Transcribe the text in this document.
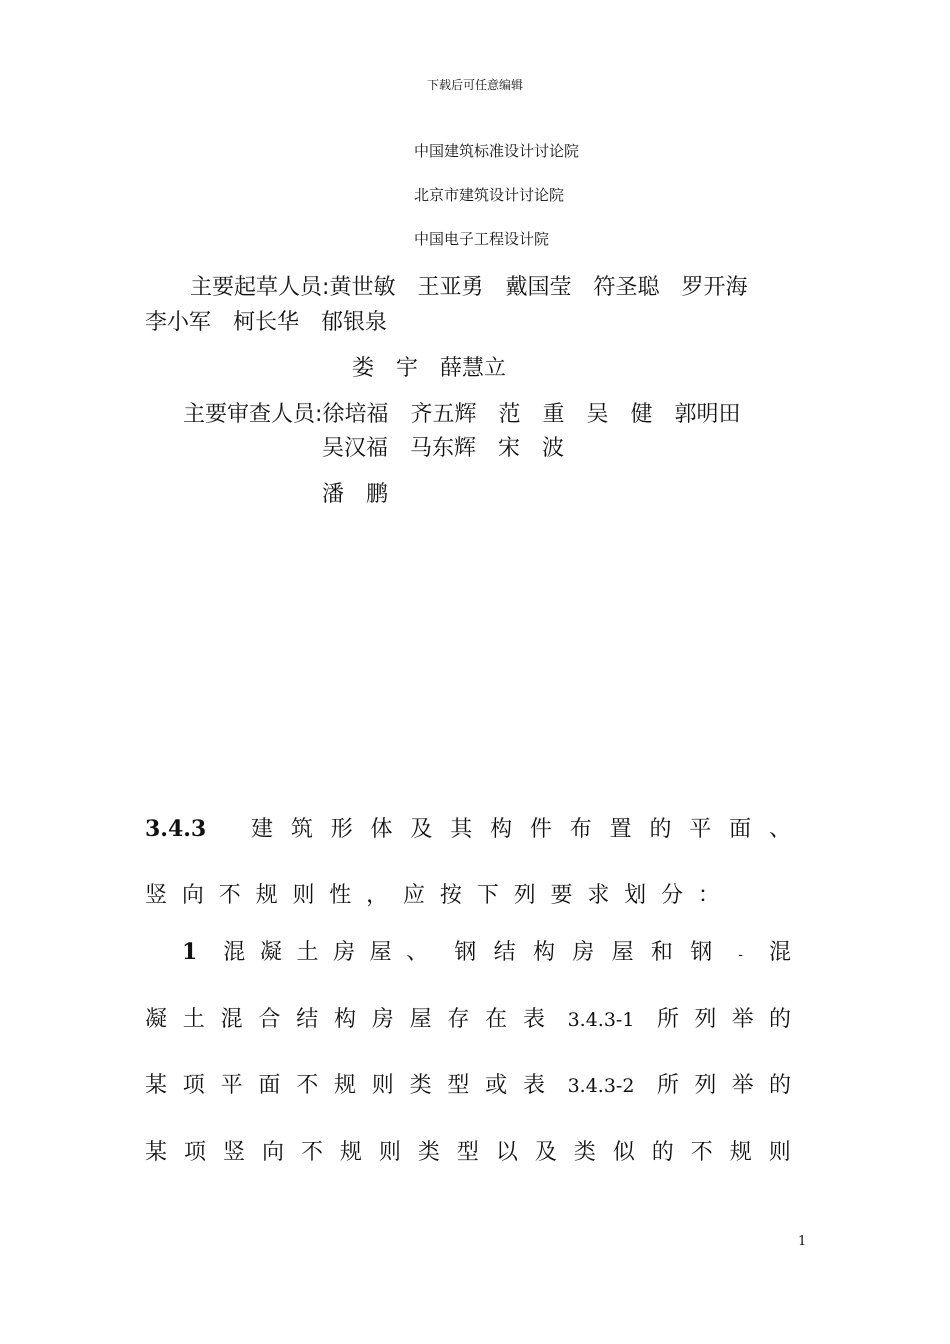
下载后可任意编辑
中国建筑标准设计讨论院
北京市建筑设计讨论院
中国电子工程设计院
主要起草人员:黄世敏 王亚勇 戴国莹 符圣聪 罗开海
李小军 柯长华 郁银泉
娄　宇 薛慧立
主要审查人员:徐培福 齐五辉 范　重 吴　健 郭明田
吴汉福 马东辉 宋　波
潘　鹏
3.4.3 建 筑 形 体 及 其 构 件 布 置 的 平 面 、
竖 向 不 规 则 性 ， 应 按 下 列 要 求 划 分 ：
1 混 凝 土 房 屋 、 钢 结 构 房 屋 和 钢 - 混
凝 土 混 合 结 构 房 屋 存 在 表 3.4.3-1 所 列 举 的
某 项 平 面 不 规 则 类 型 或 表 3.4.3-2 所 列 举 的
某 项 竖 向 不 规 则 类 型 以 及 类 似 的 不 规 则
1
